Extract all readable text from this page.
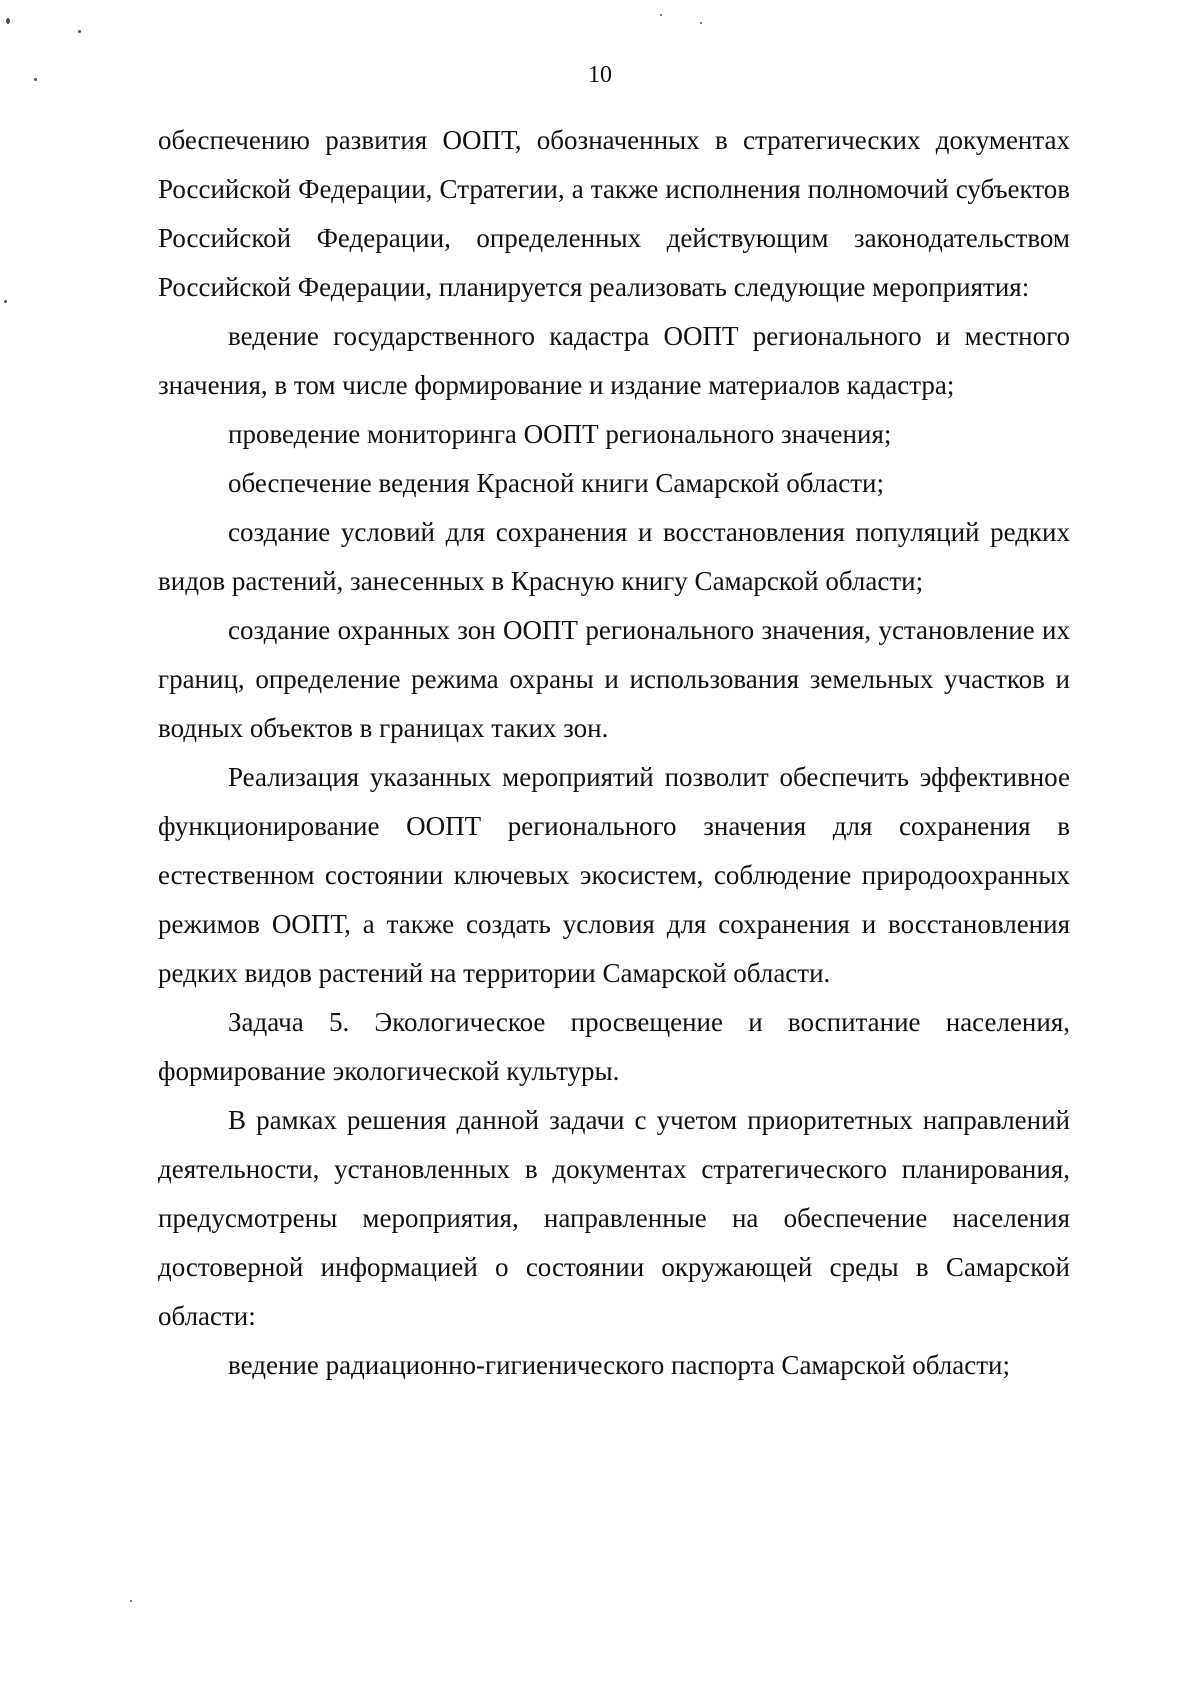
10

обеспечению развития ООПТ, обозначенных в стратегических документах Российской Федерации, Стратегии, а также исполнения полномочий субъектов Российской Федерации, определенных действующим законодательством Российской Федерации, планируется реализовать следующие мероприятия:

ведение государственного кадастра ООПТ регионального и местного значения, в том числе формирование и издание материалов кадастра;

проведение мониторинга ООПТ регионального значения;

обеспечение ведения Красной книги Самарской области;

создание условий для сохранения и восстановления популяций редких видов растений, занесенных в Красную книгу Самарской области;

создание охранных зон ООПТ регионального значения, установление их границ, определение режима охраны и использования земельных участков и водных объектов в границах таких зон.

Реализация указанных мероприятий позволит обеспечить эффективное функционирование ООПТ регионального значения для сохранения в естественном состоянии ключевых экосистем, соблюдение природоохранных режимов ООПТ, а также создать условия для сохранения и восстановления редких видов растений на территории Самарской области.

Задача 5. Экологическое просвещение и воспитание населения, формирование экологической культуры.

В рамках решения данной задачи с учетом приоритетных направлений деятельности, установленных в документах стратегического планирования, предусмотрены мероприятия, направленные на обеспечение населения достоверной информацией о состоянии окружающей среды в Самарской области:

ведение радиационно-гигиенического паспорта Самарской области;
